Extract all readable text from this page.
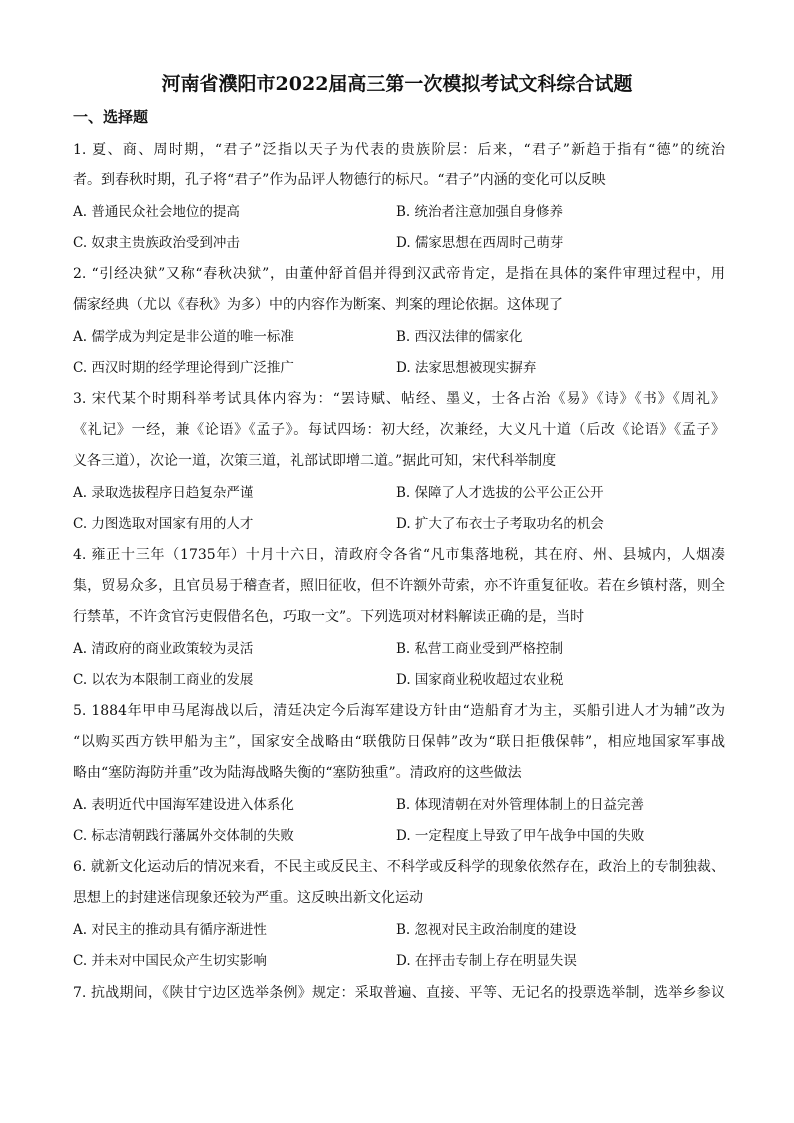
河南省濮阳市2022届高三第一次模拟考试文科综合试题
一、选择题
1. 夏、商、周时期，“君子”泛指以天子为代表的贵族阶层：后来，“君子”新趋于指有“德”的统治
者。到春秋时期，孔子将“君子”作为品评人物德行的标尺。“君子”内涵的变化可以反映
A. 普通民众社会地位的提高	B. 统治者注意加强自身修养
C. 奴隶主贵族政治受到冲击	D. 儒家思想在西周时己萌芽
2. “引经决狱”又称“春秋决狱”，由董仲舒首倡并得到汉武帝肯定，是指在具体的案件审理过程中，用
儒家经典（尤以《春秋》为多）中的内容作为断案、判案的理论依据。这体现了
A. 儒学成为判定是非公道的唯一标准	B. 西汉法律的儒家化
C. 西汉时期的经学理论得到广泛推广	D. 法家思想被现实摒弃
3. 宋代某个时期科举考试具体内容为：“罢诗赋、帖经、墨义，士各占治《易》《诗》《书》《周礼》
《礼记》一经，兼《论语》《孟子》。每试四场：初大经，次兼经，大义凡十道（后改《论语》《孟子》
义各三道），次论一道，次策三道，礼部试即增二道。”据此可知，宋代科举制度
A. 录取选拔程序日趋复杂严谨	B. 保障了人才选拔的公平公正公开
C. 力图选取对国家有用的人才	D. 扩大了布衣士子考取功名的机会
4. 雍正十三年（1735年）十月十六日，清政府令各省“凡市集落地税，其在府、州、县城内，人烟凑
集，贸易众多，且官员易于稽查者，照旧征收，但不许额外苛索，亦不许重复征收。若在乡镇村落，则全
行禁革，不许贪官污吏假借名色，巧取一文”。下列选项对材料解读正确的是，当时
A. 清政府的商业政策较为灵活	B. 私营工商业受到严格控制
C. 以农为本限制工商业的发展	D. 国家商业税收超过农业税
5. 1884年甲申马尾海战以后，清廷决定今后海军建设方针由“造船育才为主，买船引进人才为辅”改为
“以购买西方铁甲船为主”，国家安全战略由“联俄防日保韩”改为“联日拒俄保韩”，相应地国家军事战
略由“塞防海防并重”改为陆海战略失衡的“塞防独重”。清政府的这些做法
A. 表明近代中国海军建设进入体系化	B. 体现清朝在对外管理体制上的日益完善
C. 标志清朝践行藩属外交体制的失败	D. 一定程度上导致了甲午战争中国的失败
6. 就新文化运动后的情况来看，不民主或反民主、不科学或反科学的现象依然存在，政治上的专制独裁、
思想上的封建迷信现象还较为严重。这反映出新文化运动
A. 对民主的推动具有循序渐进性	B. 忽视对民主政治制度的建设
C. 并未对中国民众产生切实影响	D. 在抨击专制上存在明显失误
7. 抗战期间，《陕甘宁边区选举条例》规定：采取普遍、直接、平等、无记名的投票选举制，选举乡参议
